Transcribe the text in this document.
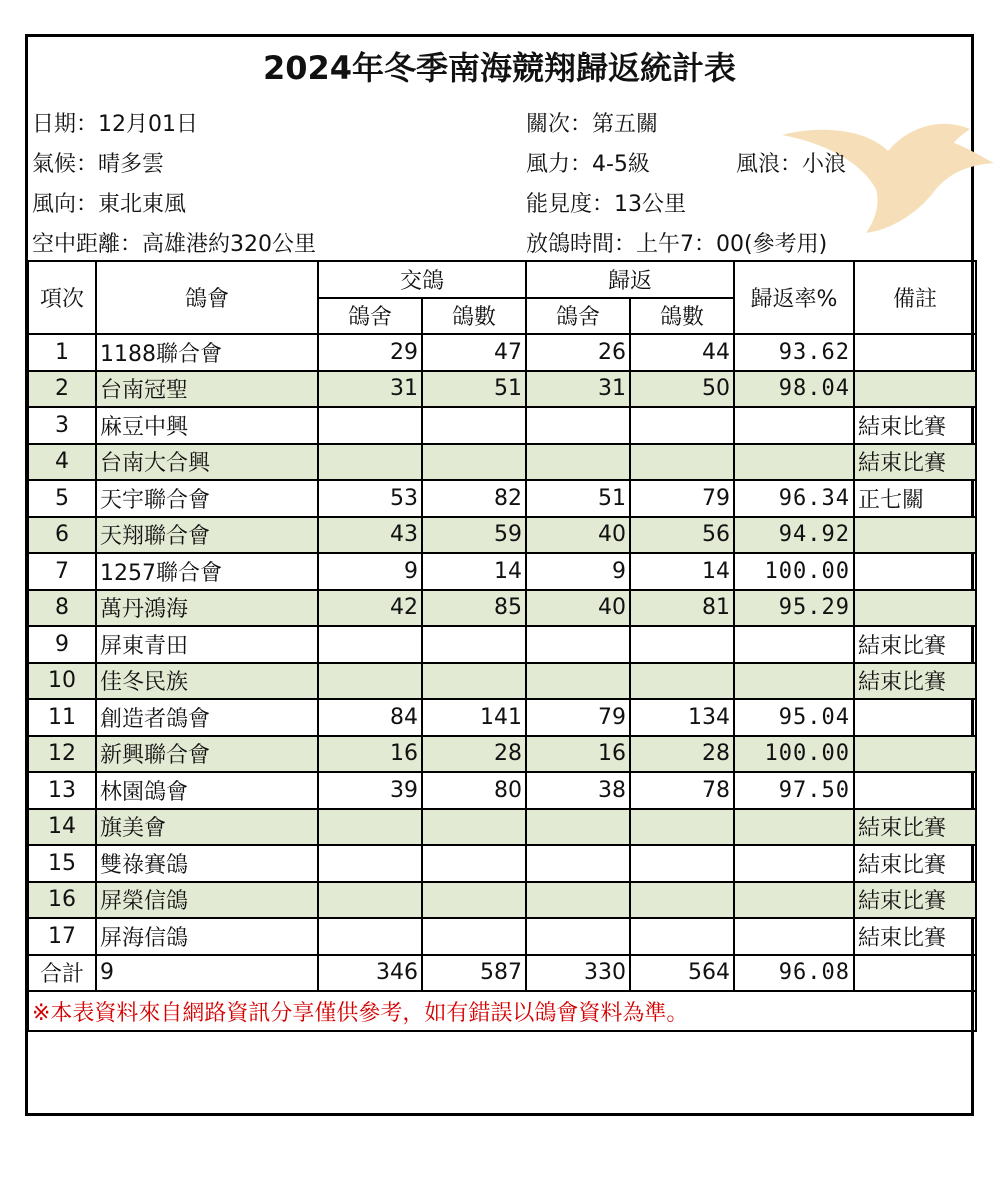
2024年冬季南海競翔歸返統計表
日期：12月01日
氣候：晴多雲
風向：東北東風
空中距離：高雄港約320公里
關次：第五關
風力：4-5級	風浪：小浪
能見度：13公里
放鴿時間：上午7：00(參考用)
項次	鴿會	交鴿		歸返		歸返率%	備註
		鴿舍	鴿數	鴿舍	鴿數		
1	1188聯合會	29	47	26	44	93.62	
2	台南冠聖	31	51	31	50	98.04	
3	麻豆中興						結束比賽
4	台南大合興						結束比賽
5	天宇聯合會	53	82	51	79	96.34	正七關
6	天翔聯合會	43	59	40	56	94.92	
7	1257聯合會	9	14	9	14	100.00	
8	萬丹鴻海	42	85	40	81	95.29	
9	屏東青田						結束比賽
10	佳冬民族						結束比賽
11	創造者鴿會	84	141	79	134	95.04	
12	新興聯合會	16	28	16	28	100.00	
13	林園鴿會	39	80	38	78	97.50	
14	旗美會						結束比賽
15	雙祿賽鴿						結束比賽
16	屏榮信鴿						結束比賽
17	屏海信鴿						結束比賽
合計	9	346	587	330	564	96.08	
※本表資料來自網路資訊分享僅供參考，如有錯誤以鴿會資料為準。							
